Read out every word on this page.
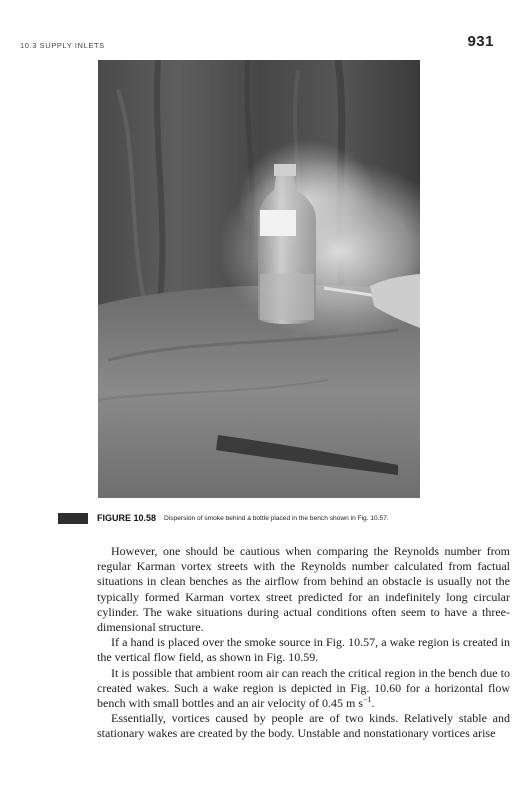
10.3 SUPPLY INLETS	931
FIGURE 10.58 Dispersion of smoke behind a bottle placed in the bench shown in Fig. 10.57.

However, one should be cautious when comparing the Reynolds number from regular Karman vortex streets with the Reynolds number calculated from factual situations in clean benches as the airflow from behind an obstacle is usually not the typically formed Karman vortex street predicted for an indefinitely long circular cylinder. The wake situations during actual conditions often seem to have a three-dimensional structure.

If a hand is placed over the smoke source in Fig. 10.57, a wake region is created in the vertical flow field, as shown in Fig. 10.59.

It is possible that ambient room air can reach the critical region in the bench due to created wakes. Such a wake region is depicted in Fig. 10.60 for a horizontal flow bench with small bottles and an air velocity of 0.45 m $s^{-1}$.

Essentially, vortices caused by people are of two kinds. Relatively stable and stationary wakes are created by the body. Unstable and nonstationary vortices arise
